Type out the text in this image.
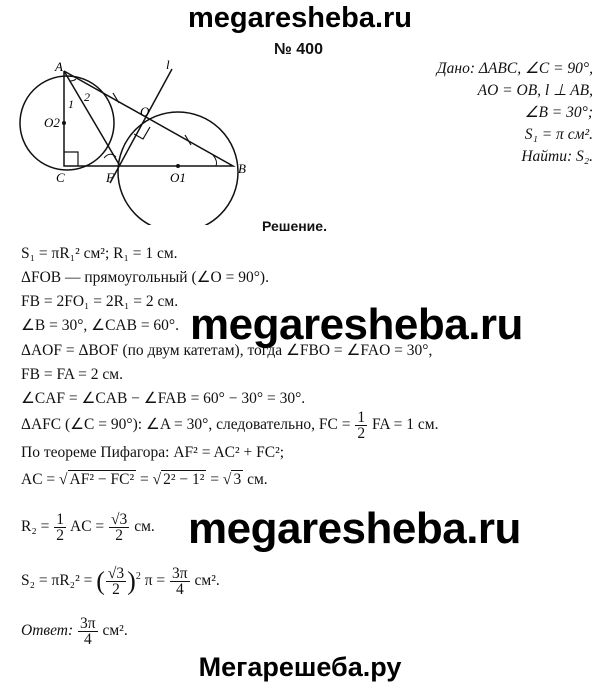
megaresheba.ru
№ 400
A
B
C
O
O1
O2
F
l
1 2
Дано: ΔABC, ∠C = 90°,
AO = OB, l ⊥ AB,
∠B = 30°;
S₁ = π см².
Найти: S₂.
Решение.
S₁ = πR₁² см²; R₁ = 1 см.
ΔFOB — прямоугольный (∠O = 90°).
FB = 2FO₁ = 2R₁ = 2 см.
∠B = 30°, ∠CAB = 60°.
ΔAOF = ΔBOF (по двум катетам), тогда ∠FBO = ∠FAO = 30°,
FB = FA = 2 см.
∠CAF = ∠CAB − ∠FAB = 60° − 30° = 30°.
ΔAFC (∠C = 90°): ∠A = 30°, следовательно, FC = $\frac{1}{2}$ FA = 1 см.
По теореме Пифагора: AF² = AC² + FC²;
AC = √ AF² − FC² = √ 2² − 1² = √ 3 см.
$R_2 = \frac{1}{2}$ AC = $\frac{√3}{2}$ см.
S₂ = πR₂² = ( $\frac{√3}{2} )^2$ $\pi = \frac{3\pi}{4} см^2$.
Ответ: $\frac{3\pi}{4} см^2$.
megaresheba.ru
megaresheba.ru
Мегарешеба.ру
